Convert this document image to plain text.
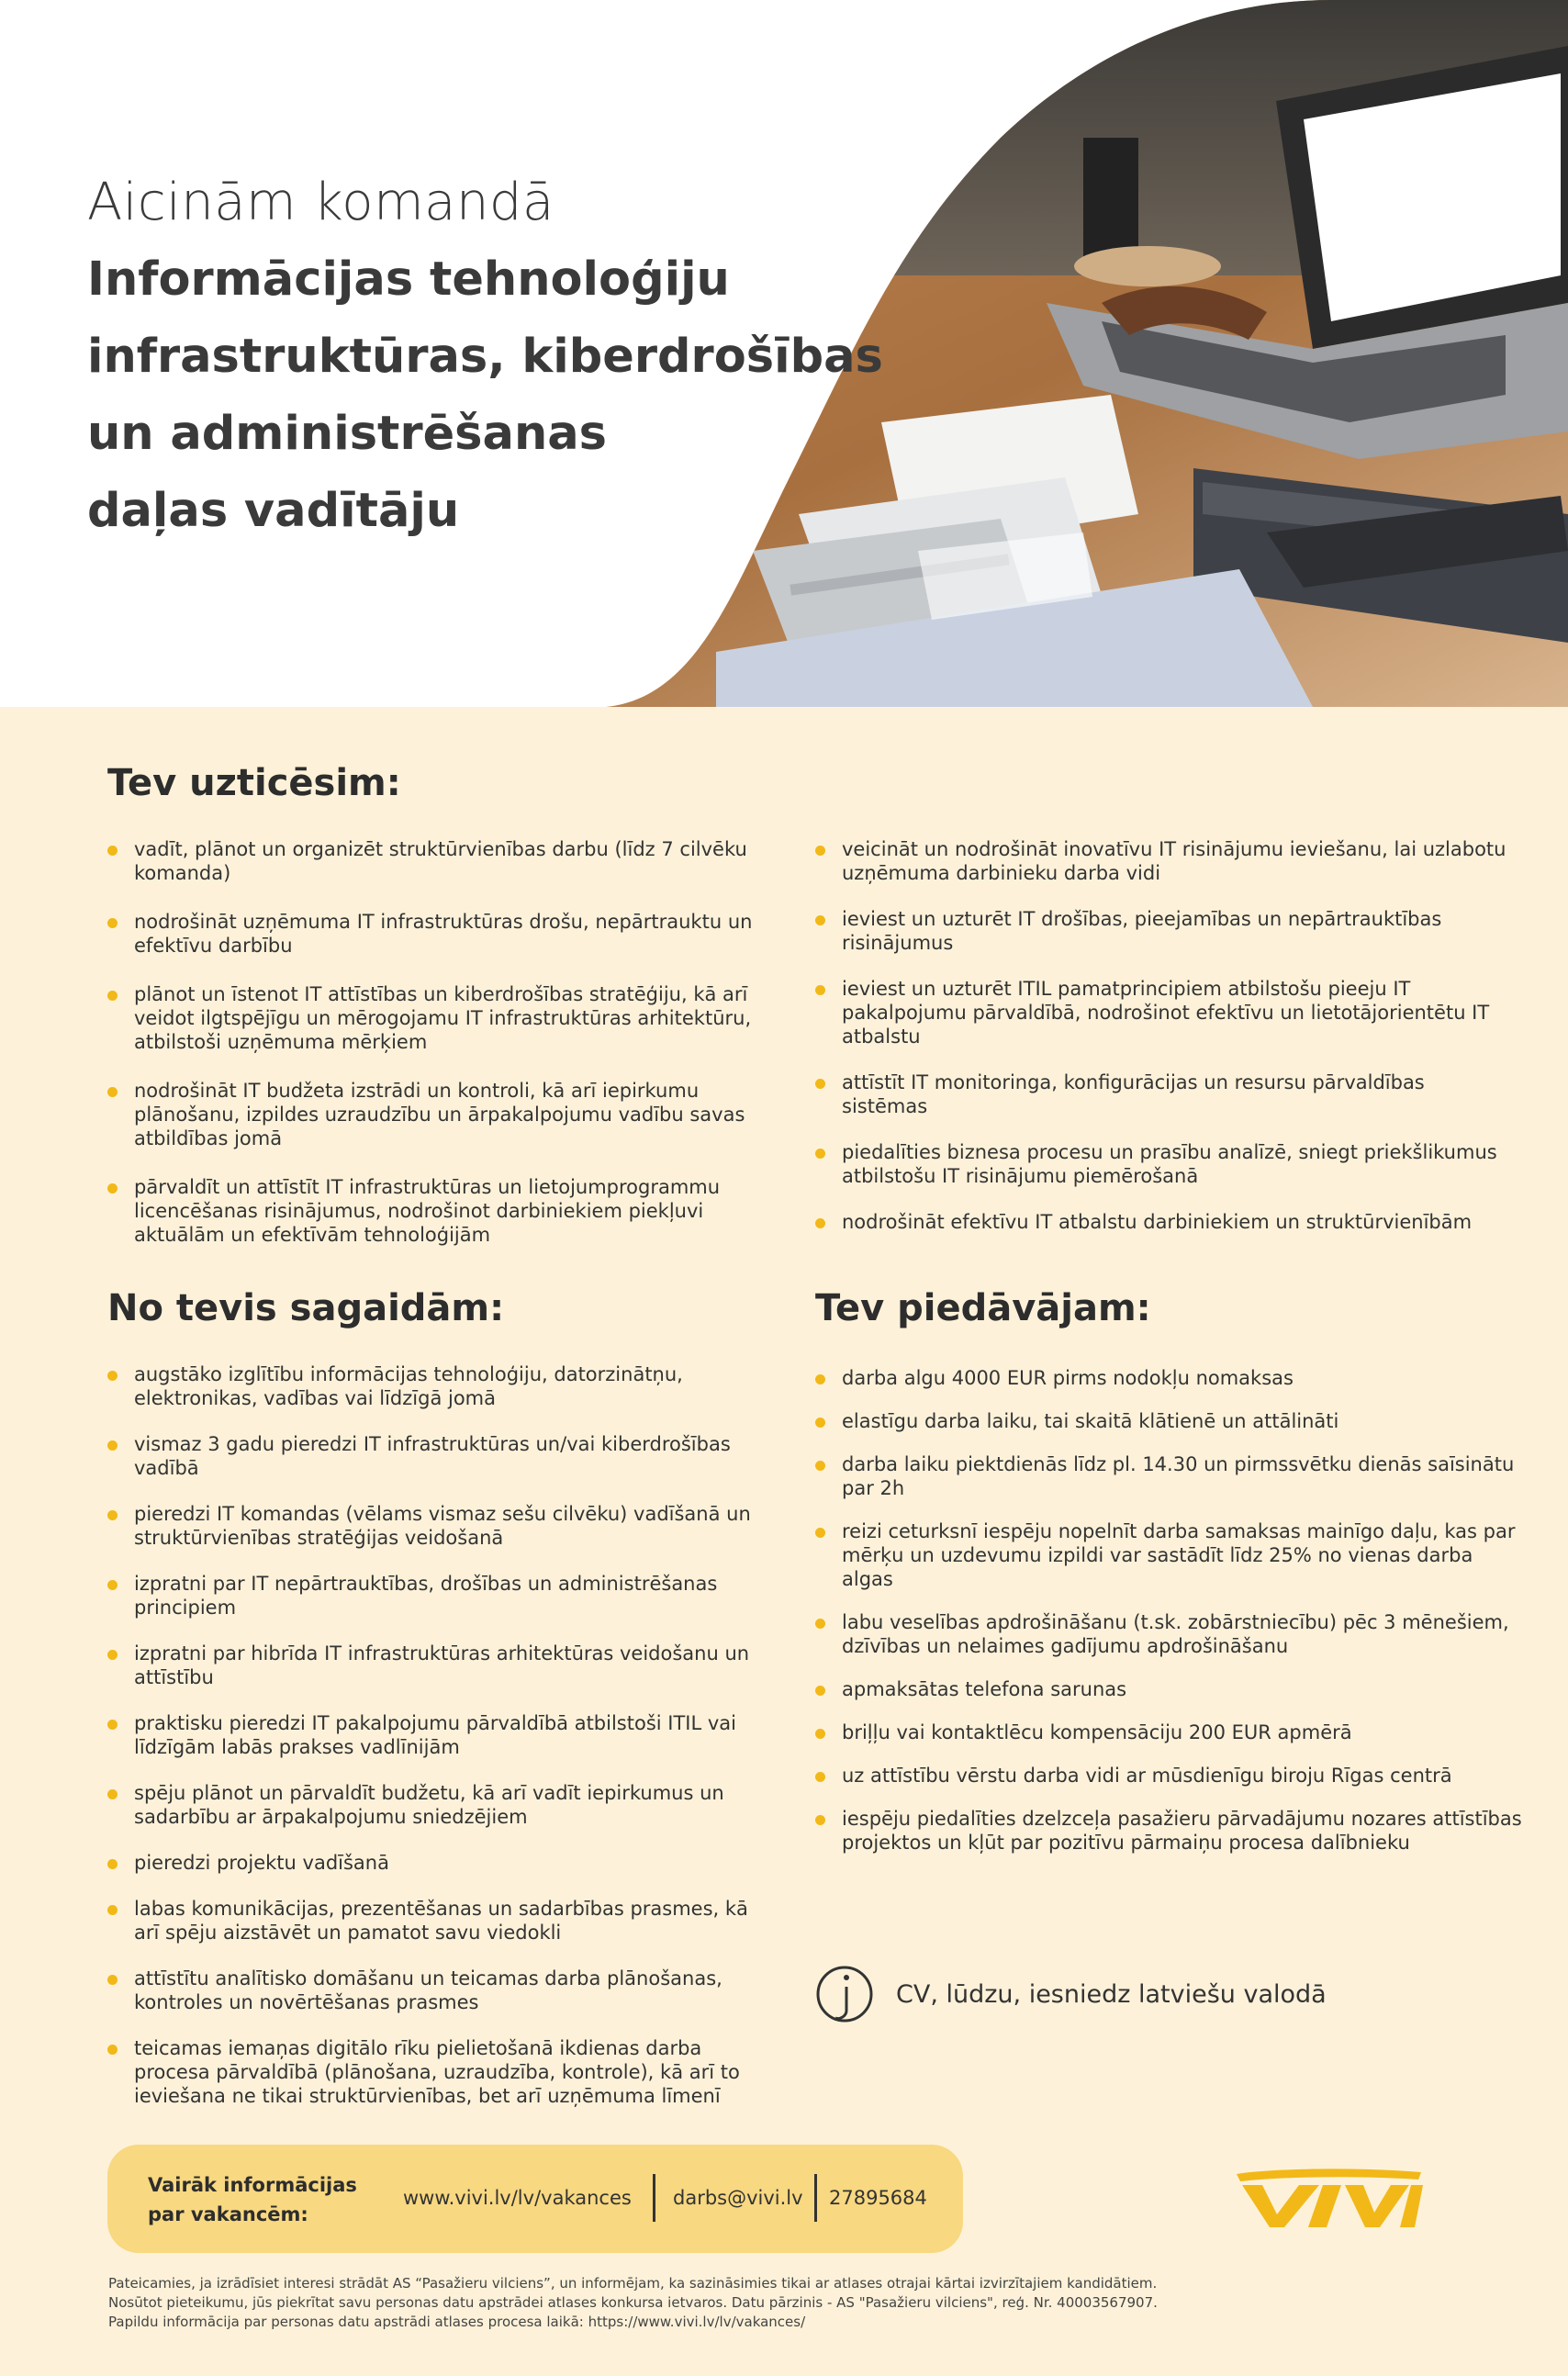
Aicinām komandā

Informācijas tehnoloģiju
infrastruktūras, kiberdrošības
un administrēšanas
daļas vadītāju

Tev uzticēsim:
vadīt, plānot un organizēt struktūrvienības darbu (līdz 7 cilvēku komanda)
nodrošināt uzņēmuma IT infrastruktūras drošu, nepārtrauktu un efektīvu darbību
plānot un īstenot IT attīstības un kiberdrošības stratēģiju, kā arī veidot ilgtspējīgu un mērogojamu IT infrastruktūras arhitektūru, atbilstoši uzņēmuma mērķiem
nodrošināt IT budžeta izstrādi un kontroli, kā arī iepirkumu plānošanu, izpildes uzraudzību un ārpakalpojumu vadību savas atbildības jomā
pārvaldīt un attīstīt IT infrastruktūras un lietojumprogrammu licencēšanas risinājumus, nodrošinot darbiniekiem piekļuvi aktuālām un efektīvām tehnoloģijām
veicināt un nodrošināt inovatīvu IT risinājumu ieviešanu, lai uzlabotu uzņēmuma darbinieku darba vidi
ieviest un uzturēt IT drošības, pieejamības un nepārtrauktības risinājumus
ieviest un uzturēt ITIL pamatprincipiem atbilstošu pieeju IT pakalpojumu pārvaldībā, nodrošinot efektīvu un lietotājorientētu IT atbalstu
attīstīt IT monitoringa, konfigurācijas un resursu pārvaldības sistēmas
piedalīties biznesa procesu un prasību analīzē, sniegt priekšlikumus atbilstošu IT risinājumu piemērošanā
nodrošināt efektīvu IT atbalstu darbiniekiem un struktūrvienībām
No tevis sagaidām:
augstāko izglītību informācijas tehnoloģiju, datorzinātņu, elektronikas, vadības vai līdzīgā jomā
vismaz 3 gadu pieredzi IT infrastruktūras un/vai kiberdrošības vadībā
pieredzi IT komandas (vēlams vismaz sešu cilvēku) vadīšanā un struktūrvienības stratēģijas veidošanā
izpratni par IT nepārtrauktības, drošības un administrēšanas principiem
izpratni par hibrīda IT infrastruktūras arhitektūras veidošanu un attīstību
praktisku pieredzi IT pakalpojumu pārvaldībā atbilstoši ITIL vai līdzīgām labās prakses vadlīnijām
spēju plānot un pārvaldīt budžetu, kā arī vadīt iepirkumus un sadarbību ar ārpakalpojumu sniedzējiem
pieredzi projektu vadīšanā
labas komunikācijas, prezentēšanas un sadarbības prasmes, kā arī spēju aizstāvēt un pamatot savu viedokli
attīstītu analītisko domāšanu un teicamas darba plānošanas, kontroles un novērtēšanas prasmes
teicamas iemaņas digitālo rīku pielietošanā ikdienas darba procesa pārvaldībā (plānošana, uzraudzība, kontrole), kā arī to ieviešana ne tikai struktūrvienības, bet arī uzņēmuma līmenī
Tev piedāvājam:
darba algu 4000 EUR pirms nodokļu nomaksas
elastīgu darba laiku, tai skaitā klātienē un attālināti
darba laiku piektdienās līdz pl. 14.30 un pirmssvētku dienās saīsinātu par 2h
reizi ceturksnī iespēju nopelnīt darba samaksas mainīgo daļu, kas par mērķu un uzdevumu izpildi var sastādīt līdz 25% no vienas darba algas
labu veselības apdrošināšanu (t.sk. zobārstniecību) pēc 3 mēnešiem, dzīvības un nelaimes gadījumu apdrošināšanu
apmaksātas telefona sarunas
briļļu vai kontaktlēcu kompensāciju 200 EUR apmērā
uz attīstību vērstu darba vidi ar mūsdienīgu biroju Rīgas centrā
iespēju piedalīties dzelzceļa pasažieru pārvadājumu nozares attīstības projektos un kļūt par pozitīvu pārmaiņu procesa dalībnieku
CV, lūdzu, iesniedz latviešu valodā
Vairāk informācijas par vakancēm:
www.vivi.lv/lv/vakances darbs@vivi.lv 27895684

Pateicamies, ja izrādīsiet interesi strādāt AS “Pasažieru vilciens”, un informējam, ka sazināsimies tikai ar atlases otrajai kārtai izvirzītajiem kandidātiem.

Nosūtot pieteikumu, jūs piekrītat savu personas datu apstrādei atlases konkursa ietvaros. Datu pārzinis - AS "Pasažieru vilciens", reģ. Nr. 40003567907.

Papildu informācija par personas datu apstrādi atlases procesa laikā: https://www.vivi.lv/lv/vakances/
